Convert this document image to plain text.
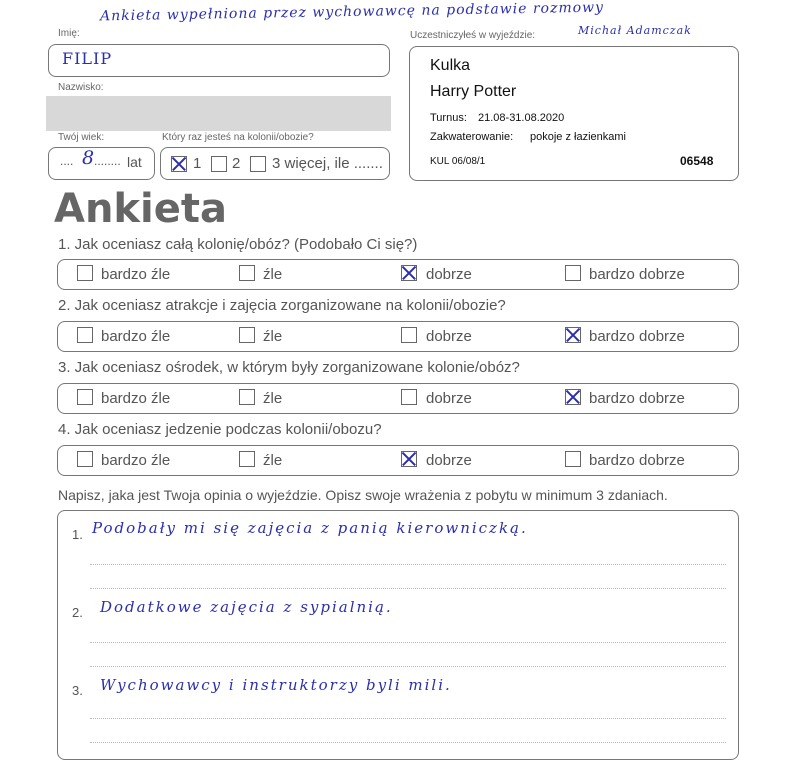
Ankieta wypełniona przez wychowawcę na podstawie rozmowy
Michał Adamczak
Imię:
FILIP
Nazwisko:
Twój wiek:
.... 8
........ lat
Który raz jesteś na kolonii/obozie?
1 2 3 więcej, ile .......
Uczestniczyłeś w wyjeździe:
Kulka
Harry Potter
Turnus: 21.08-31.08.2020
Zakwaterowanie: pokoje z łazienkami
KUL 06/08/1	06548
Ankieta
1. Jak oceniasz całą kolonię/obóz? (Podobało Ci się?)
bardzo źle	źle	dobrze	bardzo dobrze
2. Jak oceniasz atrakcje i zajęcia zorganizowane na kolonii/obozie?
bardzo źle	źle	dobrze	bardzo dobrze
3. Jak oceniasz ośrodek, w którym były zorganizowane kolonie/obóz?
bardzo źle	źle	dobrze	bardzo dobrze
4. Jak oceniasz jedzenie podczas kolonii/obozu?
bardzo źle	źle	dobrze	bardzo dobrze
Napisz, jaka jest Twoja opinia o wyjeździe. Opisz swoje wrażenia z pobytu w minimum 3 zdaniach.
1. Podobały mi się zajęcia z panią kierowniczką.
2. Dodatkowe zajęcia z sypialnią.
3. Wychowawcy i instruktorzy byli mili.
